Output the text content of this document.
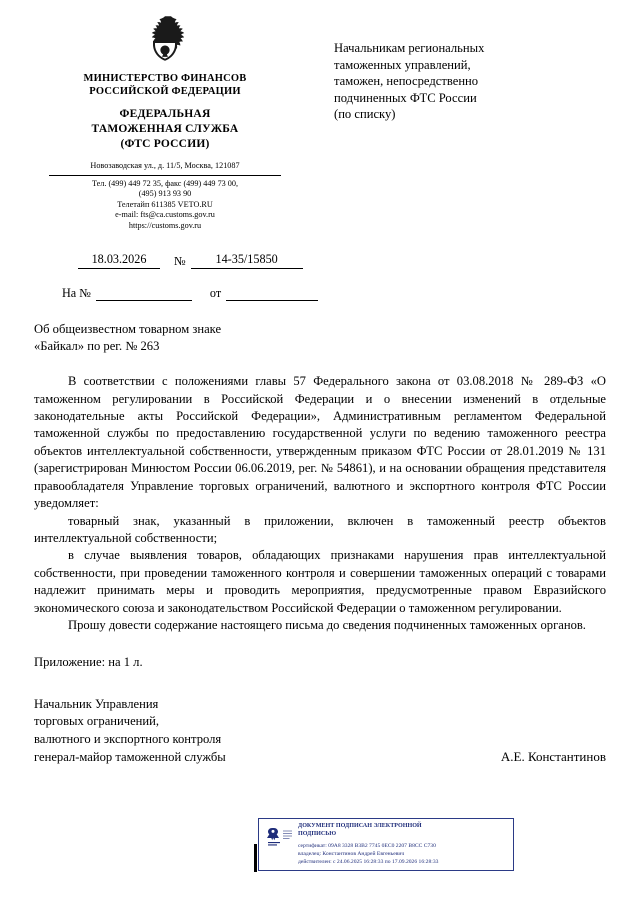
МИНИСТЕРСТВО ФИНАНСОВ
РОССИЙСКОЙ ФЕДЕРАЦИИ
ФЕДЕРАЛЬНАЯ
ТАМОЖЕННАЯ СЛУЖБА
(ФТС РОССИИ)
Новозаводская ул., д. 11/5, Москва, 121087
Тел. (499) 449 72 35, факс (499) 449 73 00,
(495) 913 93 90
Телетайп 611385 VETO.RU
e-mail: fts@ca.customs.gov.ru
https://customs.gov.ru
Начальникам региональных
таможенных управлений,
таможен, непосредственно
подчиненных ФТС России
(по списку)
18.03.2026	№	14-35/15850
На №	от
Об общеизвестном товарном знаке
«Байкал» по рег. № 263

В соответствии с положениями главы 57 Федерального закона от 03.08.2018 № 289-ФЗ «О таможенном регулировании в Российской Федерации и о внесении изменений в отдельные законодательные акты Российской Федерации», Административным регламентом Федеральной таможенной службы по предоставлению государственной услуги по ведению таможенного реестра объектов интеллектуальной собственности, утвержденным приказом ФТС России от 28.01.2019 № 131 (зарегистрирован Минюстом России 06.06.2019, рег. № 54861), и на основании обращения представителя правообладателя Управление торговых ограничений, валютного и экспортного контроля ФТС России уведомляет:

товарный знак, указанный в приложении, включен в таможенный реестр объектов интеллектуальной собственности;

в случае выявления товаров, обладающих признаками нарушения прав интеллектуальной собственности, при проведении таможенного контроля и совершении таможенных операций с товарами надлежит принимать меры и проводить мероприятия, предусмотренные правом Евразийского экономического союза и законодательством Российской Федерации о таможенном регулировании.

Прошу довести содержание настоящего письма до сведения подчиненных таможенных органов.

Приложение: на 1 л.
Начальник Управления
торговых ограничений,
валютного и экспортного контроля
генерал-майор таможенной службы	А.Е. Константинов
ДОКУМЕНТ ПОДПИСАН ЭЛЕКТРОННОЙ
ПОДПИСЬЮ
сертификат: 09A8 3328 B3B2 7745 0EC0 2207 B8CC C730
владелец: Константинов Андрей Евгеньевич
действителен: с 24.06.2025 16:28:33 по 17.09.2026 16:28:33
